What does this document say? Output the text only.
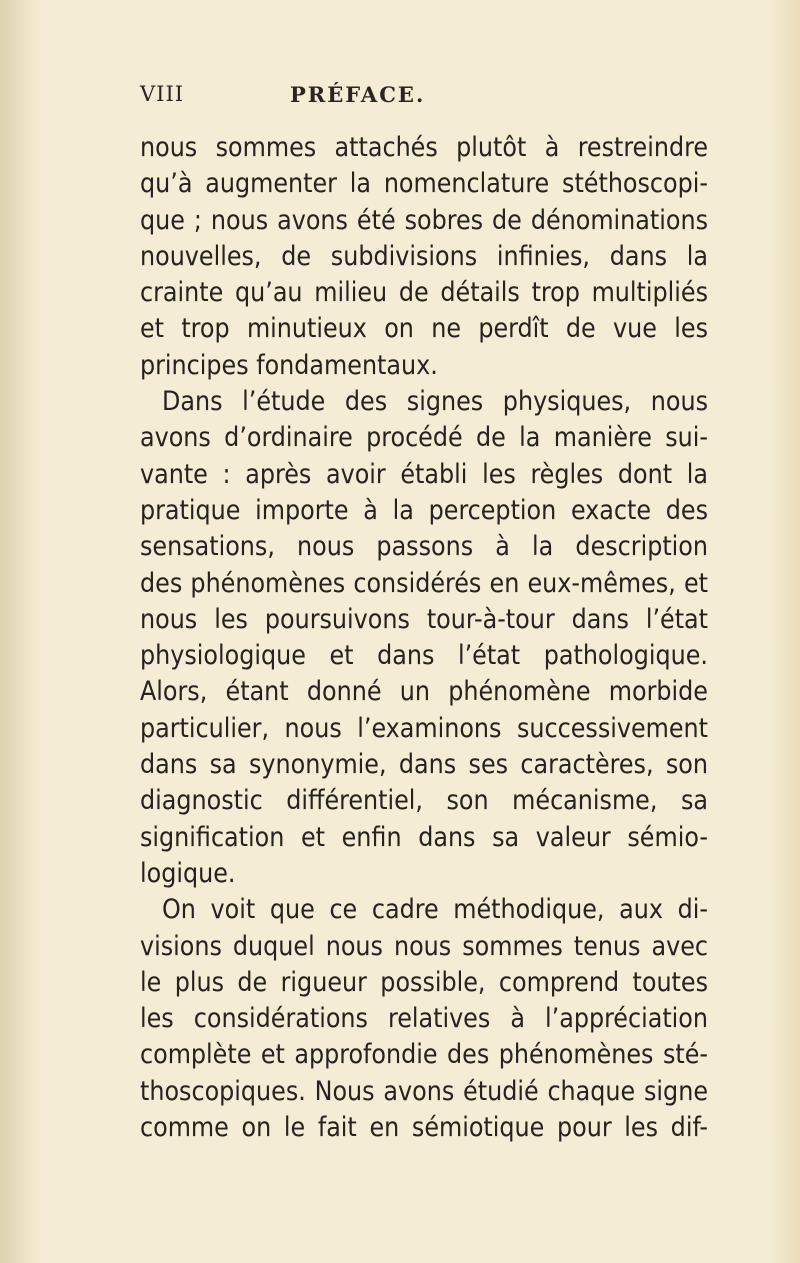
VIII	PRÉFACE.
nous sommes attachés plutôt à restreindre
qu’à augmenter la nomenclature stéthoscopi-
que ; nous avons été sobres de dénominations
nouvelles, de subdivisions infinies, dans la
crainte qu’au milieu de détails trop multipliés
et trop minutieux on ne perdît de vue les
principes fondamentaux.
Dans l’étude des signes physiques, nous
avons d’ordinaire procédé de la manière sui-
vante : après avoir établi les règles dont la
pratique importe à la perception exacte des
sensations, nous passons à la description
des phénomènes considérés en eux-mêmes, et
nous les poursuivons tour-à-tour dans l’état
physiologique et dans l’état pathologique.
Alors, étant donné un phénomène morbide
particulier, nous l’examinons successivement
dans sa synonymie, dans ses caractères, son
diagnostic différentiel, son mécanisme, sa
signification et enfin dans sa valeur sémio-
logique.
On voit que ce cadre méthodique, aux di-
visions duquel nous nous sommes tenus avec
le plus de rigueur possible, comprend toutes
les considérations relatives à l’appréciation
complète et approfondie des phénomènes sté-
thoscopiques. Nous avons étudié chaque signe
comme on le fait en sémiotique pour les dif-
